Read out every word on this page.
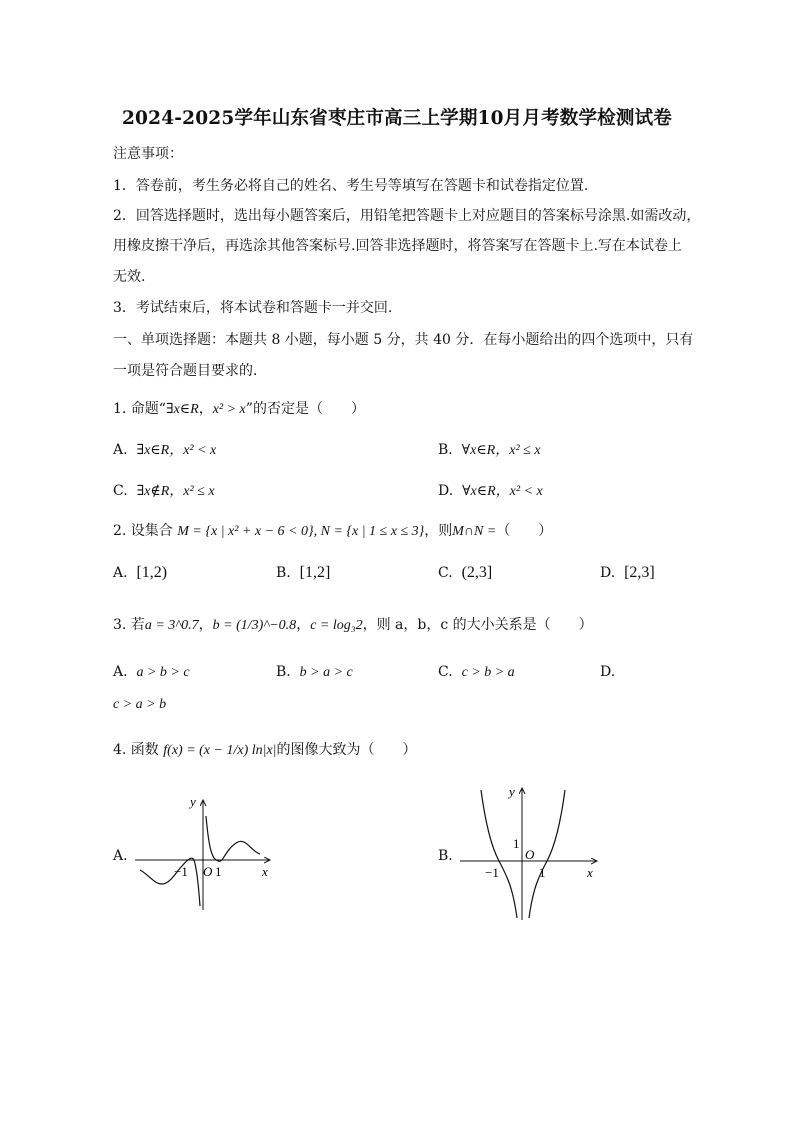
2024-2025学年山东省枣庄市高三上学期10月月考数学检测试卷
注意事项：
1．答卷前，考生务必将自己的姓名、考生号等填写在答题卡和试卷指定位置.
2．回答选择题时，选出每小题答案后，用铅笔把答题卡上对应题目的答案标号涂黑.如需改动，
用橡皮擦干净后，再选涂其他答案标号.回答非选择题时，将答案写在答题卡上.写在本试卷上
无效.
3．考试结束后，将本试卷和答题卡一并交回.
一、单项选择题：本题共 8 小题，每小题 5 分，共 40 分．在每小题给出的四个选项中，只有
一项是符合题目要求的．
1. 命题“∃x∈R，x² > x”的否定是（　　）
A. ∃x∈R，x² < x	B. ∀x∈R，x² ≤ x
C. ∃x∉R，x² ≤ x	D. ∀x∈R，x² < x
2. 设集合 M = {x | x² + x − 6 < 0}, N = {x | 1 ≤ x ≤ 3}，则M∩N =（　　）
A. [1,2)	B. [1,2]	C. (2,3]	D. [2,3]
3. 若a = 3^0.7，b = (1/3)^−0.8，c = log₃2，则 a，b，c 的大小关系是（　　）
A. a > b > c	B. b > a > c	C. c > b > a	D.
c > a > b
4. 函数 f(x) = (x − 1/x) ln|x|的图像大致为（　　）
A.
y
x
−1 O 1
B.
y
x
1
O
−1	1
